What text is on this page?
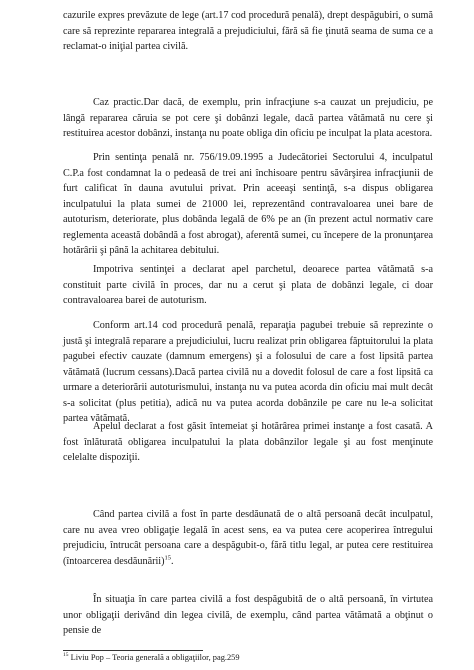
cazurile expres prevăzute de lege (art.17 cod procedură penală), drept despăgubiri, o sumă care să reprezinte repararea integrală a prejudiciului, fără să fie ţinută seama de suma ce a reclamat-o iniţial partea civilă.

Caz practic.Dar dacă, de exemplu, prin infracţiune s-a cauzat un prejudiciu, pe lângă repararea căruia se pot cere şi dobânzi legale, dacă partea vătămată nu cere şi restituirea acestor dobânzi, instanţa nu poate obliga din oficiu pe inculpat la plata acestora.

Prin sentinţa penală nr. 756/19.09.1995 a Judecătoriei Sectorului 4, inculpatul C.P.a fost condamnat la o pedeasă de trei ani închisoare pentru săvârşirea infracţiunii de furt calificat în dauna avutului privat. Prin aceeaşi sentinţă, s-a dispus obligarea inculpatului la plata sumei de 21000 lei, reprezentând contravaloarea unei bare de autoturism, deteriorate, plus dobânda legală de 6% pe an (în prezent actul normativ care reglementa această dobândă a fost abrogat), aferentă sumei, cu începere de la pronunţarea hotărârii şi până la achitarea debitului.

Impotriva sentinţei a declarat apel parchetul, deoarece partea vătămată s-a constituit parte civilă în proces, dar nu a cerut şi plata de dobânzi legale, ci doar contravaloarea barei de autoturism.

Conform art.14 cod procedură penală, reparaţia pagubei trebuie să reprezinte o justă şi integrală reparare a prejudiciului, lucru realizat prin obligarea făptuitorului la plata pagubei efectiv cauzate (damnum emergens) şi a folosului de care a fost lipsită partea vătămată (lucrum cessans).Dacă partea civilă nu a dovedit folosul de care a fost lipsită ca urmare a deteriorării autoturismului, instanţa nu va putea acorda din oficiu mai mult decât s-a solicitat (plus petitia), adică nu va putea acorda dobânzile pe care nu le-a solicitat partea vătămată.

Apelul declarat a fost găsit întemeiat şi hotărârea primei instanţe a fost casată. A fost înlăturată obligarea inculpatului la plata dobânzilor legale şi au fost menţinute celelalte dispoziţii.

Când partea civilă a fost în parte desdăunată de o altă persoană decât inculpatul, care nu avea vreo obligaţie legală în acest sens, ea va putea cere acoperirea întregului prejudiciu, întrucât persoana care a despăgubit-o, fără titlu legal, ar putea cere restituirea (întoarcerea desdăunării)$^{15}$.

În situaţia în care partea civilă a fost despăgubită de o altă persoană, în virtutea unor obligaţii derivând din legea civilă, de exemplu, când partea vătămată a obţinut o pensie de

$^{15}$ Liviu Pop – Teoria generală a obligaţiilor, pag.259
